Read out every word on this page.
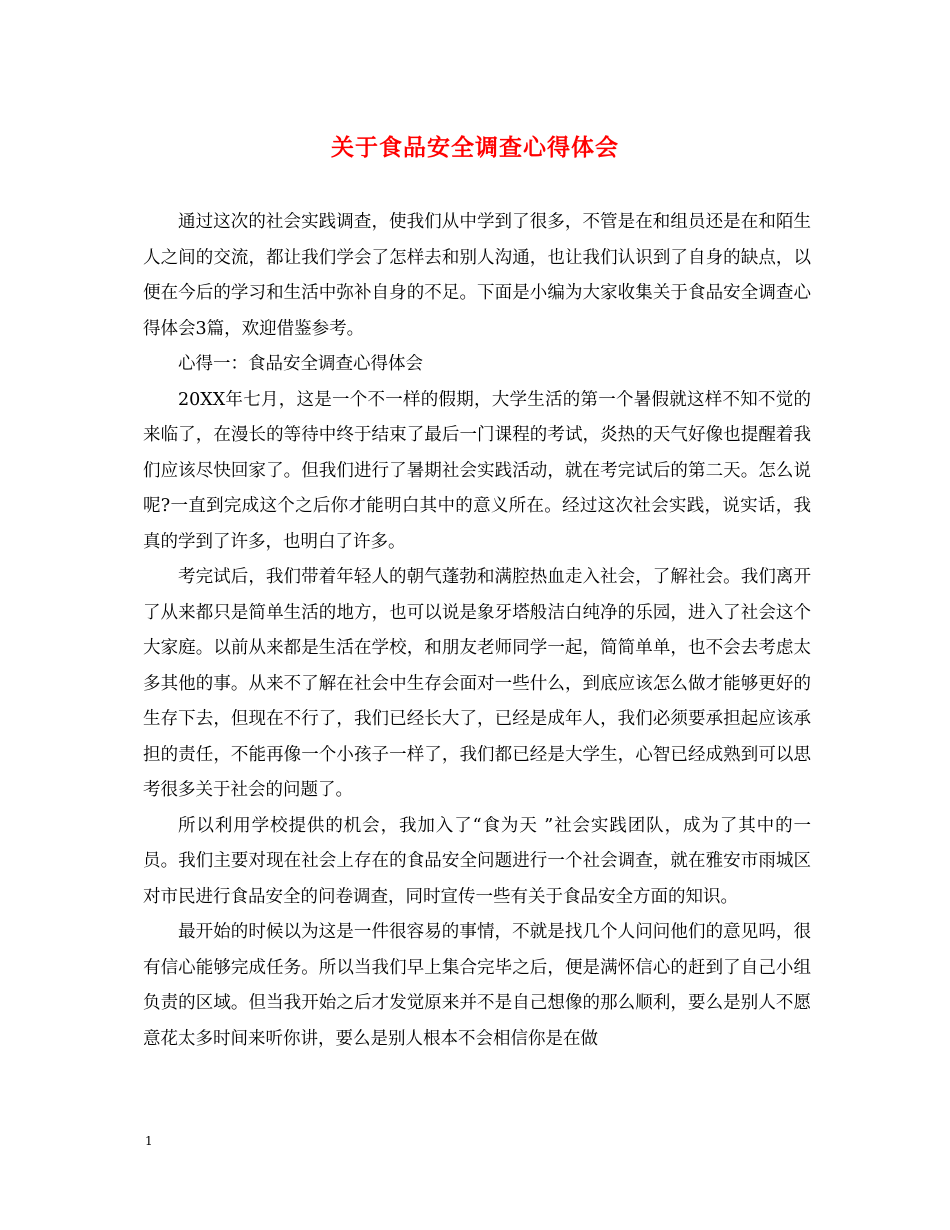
关于食品安全调查心得体会

通过这次的社会实践调查，使我们从中学到了很多，不管是在和组员还是在和陌生人之间的交流，都让我们学会了怎样去和别人沟通，也让我们认识到了自身的缺点，以便在今后的学习和生活中弥补自身的不足。下面是小编为大家收集关于食品安全调查心得体会3篇，欢迎借鉴参考。

心得一：食品安全调查心得体会

20XX年七月，这是一个不一样的假期，大学生活的第一个暑假就这样不知不觉的来临了，在漫长的等待中终于结束了最后一门课程的考试，炎热的天气好像也提醒着我们应该尽快回家了。但我们进行了暑期社会实践活动，就在考完试后的第二天。怎么说呢?一直到完成这个之后你才能明白其中的意义所在。经过这次社会实践，说实话，我真的学到了许多，也明白了许多。

考完试后，我们带着年轻人的朝气蓬勃和满腔热血走入社会，了解社会。我们离开了从来都只是简单生活的地方，也可以说是象牙塔般洁白纯净的乐园，进入了社会这个大家庭。以前从来都是生活在学校，和朋友老师同学一起，简简单单，也不会去考虑太多其他的事。从来不了解在社会中生存会面对一些什么，到底应该怎么做才能够更好的生存下去，但现在不行了，我们已经长大了，已经是成年人，我们必须要承担起应该承担的责任，不能再像一个小孩子一样了，我们都已经是大学生，心智已经成熟到可以思考很多关于社会的问题了。

所以利用学校提供的机会，我加入了“食为天 ”社会实践团队，成为了其中的一员。我们主要对现在社会上存在的食品安全问题进行一个社会调查，就在雅安市雨城区对市民进行食品安全的问卷调查，同时宣传一些有关于食品安全方面的知识。

最开始的时候以为这是一件很容易的事情，不就是找几个人问问他们的意见吗，很有信心能够完成任务。所以当我们早上集合完毕之后，便是满怀信心的赶到了自己小组负责的区域。但当我开始之后才发觉原来并不是自己想像的那么顺利，要么是别人不愿意花太多时间来听你讲，要么是别人根本不会相信你是在做

1
